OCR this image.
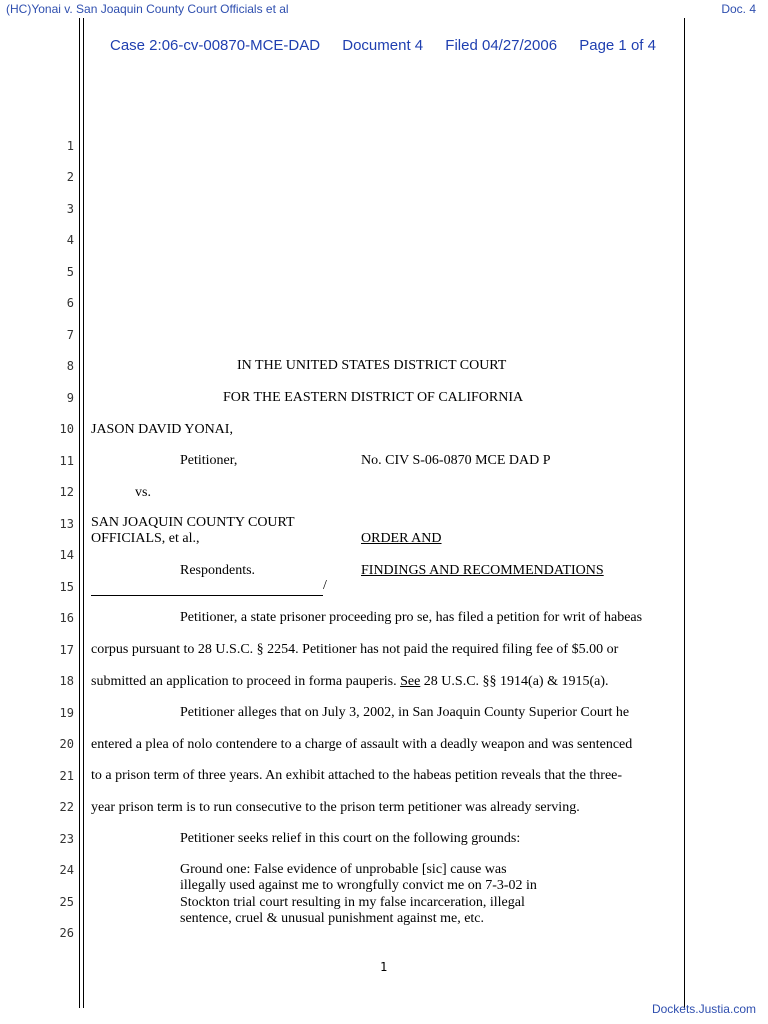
(HC)Yonai v. San Joaquin County Court Officials et al	Doc. 4
Case 2:06-cv-00870-MCE-DAD Document 4 Filed 04/27/2006 Page 1 of 4
1
2
3
4
5
6
7
8
9
10
11
12
13
14
15
16
17
18
19
20
21
22
23
24
25
26
IN THE UNITED STATES DISTRICT COURT
FOR THE EASTERN DISTRICT OF CALIFORNIA
JASON DAVID YONAI,
Petitioner,	No. CIV S-06-0870 MCE DAD P
vs.
SAN JOAQUIN COUNTY COURT
OFFICIALS, et al.,	ORDER AND
Respondents.	FINDINGS AND RECOMMENDATIONS
/
Petitioner, a state prisoner proceeding pro se, has filed a petition for writ of habeas
corpus pursuant to 28 U.S.C. § 2254. Petitioner has not paid the required filing fee of $5.00 or
submitted an application to proceed in forma pauperis. See 28 U.S.C. §§ 1914(a) & 1915(a).
Petitioner alleges that on July 3, 2002, in San Joaquin County Superior Court he
entered a plea of nolo contendere to a charge of assault with a deadly weapon and was sentenced
to a prison term of three years. An exhibit attached to the habeas petition reveals that the three-
year prison term is to run consecutive to the prison term petitioner was already serving.
Petitioner seeks relief in this court on the following grounds:
Ground one: False evidence of unprobable [sic] cause was
illegally used against me to wrongfully convict me on 7-3-02 in
Stockton trial court resulting in my false incarceration, illegal
sentence, cruel & unusual punishment against me, etc.
1
Dockets.Justia.com
